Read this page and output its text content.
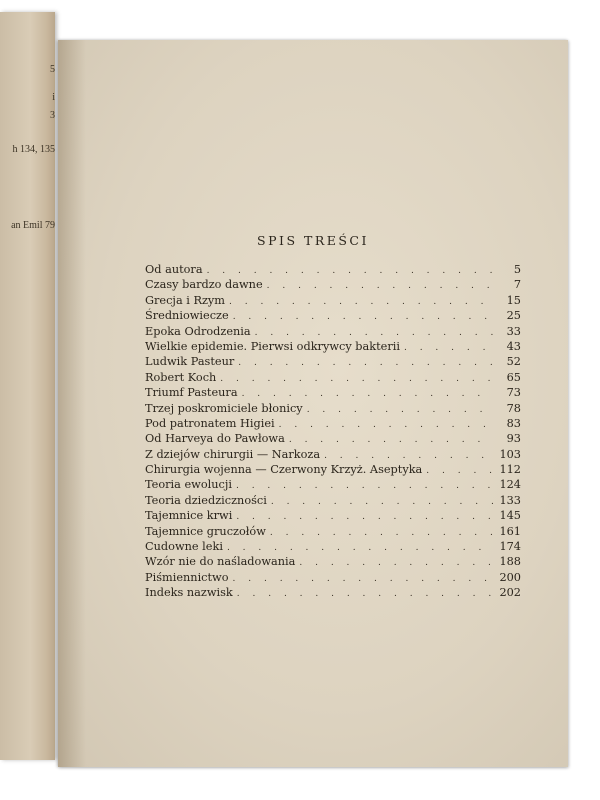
5
i
3
h 134, 135
an Emil 79
SPIS TREŚCI
Od autora . . .	5
Czasy bardzo dawne . . .	7
Grecja i Rzym . . .	15
Średniowiecze . . .	25
Epoka Odrodzenia . . .	33
Wielkie epidemie. Pierwsi odkrywcy bakterii . . .	43
Ludwik Pasteur . . .	52
Robert Koch . . .	65
Triumf Pasteura . . .	73
Trzej poskromiciele błonicy . . .	78
Pod patronatem Higiei . . .	83
Od Harveya do Pawłowa . . .	93
Z dziejów chirurgii — Narkoza . . .	103
Chirurgia wojenna — Czerwony Krzyż. Aseptyka . . .	112
Teoria ewolucji . . .	124
Teoria dziedziczności . . .	133
Tajemnice krwi . . .	145
Tajemnice gruczołów . . .	161
Cudowne leki . . .	174
Wzór nie do naśladowania . . .	188
Piśmiennictwo . . .	200
Indeks nazwisk . . .	202
